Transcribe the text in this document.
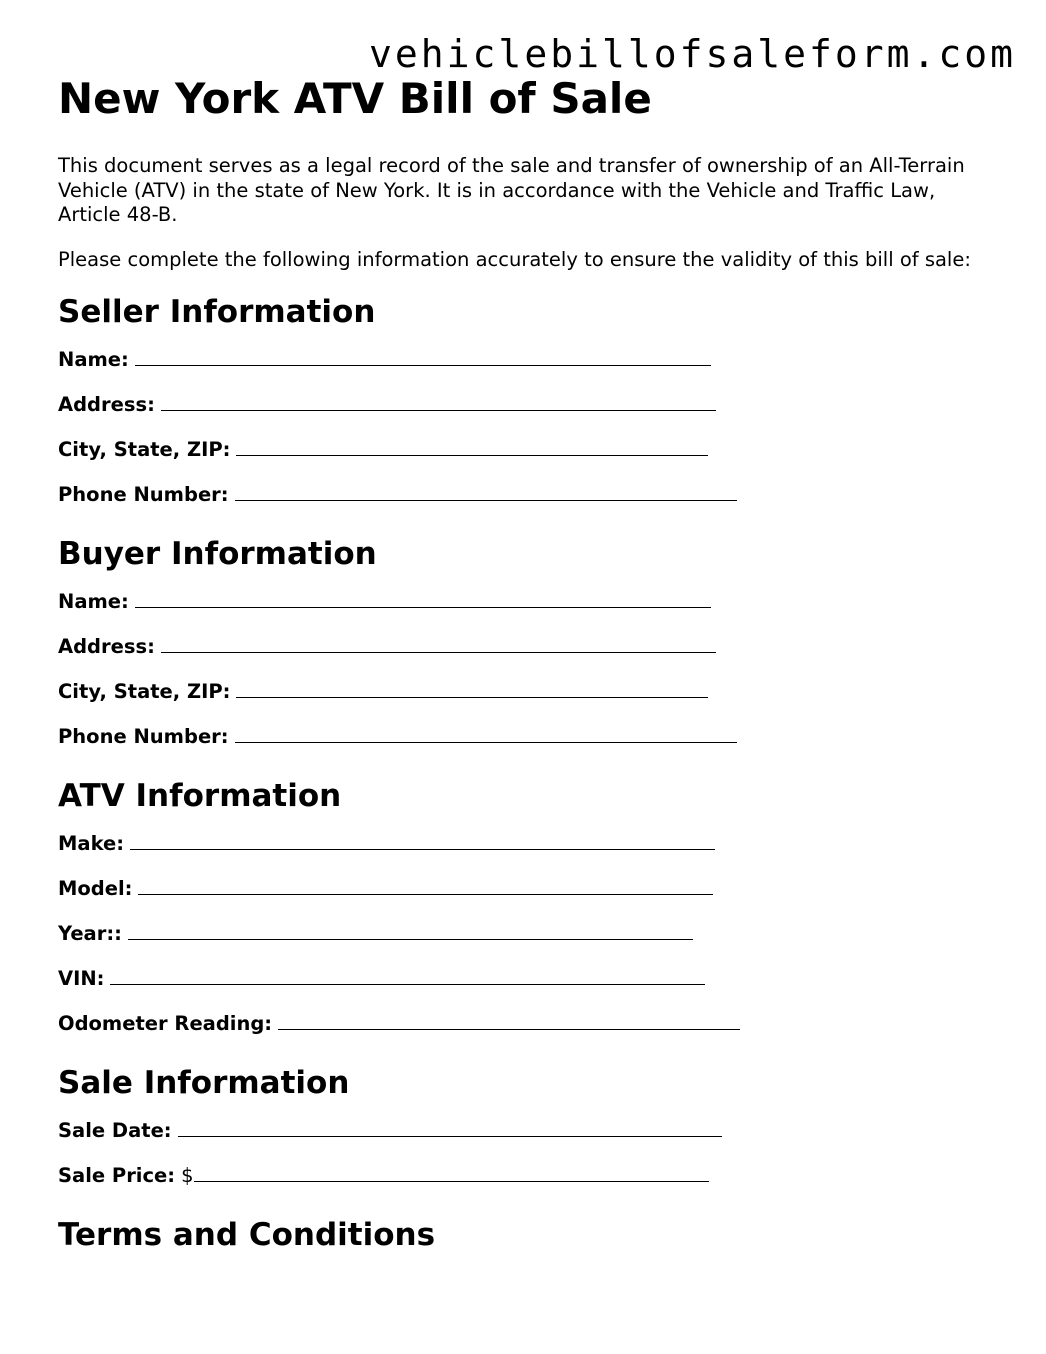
vehiclebillofsaleform.com
New York ATV Bill of Sale

This document serves as a legal record of the sale and transfer of ownership of an All-Terrain Vehicle (ATV) in the state of New York. It is in accordance with the Vehicle and Traffic Law, Article 48-B.

Please complete the following information accurately to ensure the validity of this bill of sale:

Seller Information
Name:
Address:
City, State, ZIP:
Phone Number:
Buyer Information
Name:
Address:
City, State, ZIP:
Phone Number:
ATV Information
Make:
Model:
Year::
VIN:
Odometer Reading:
Sale Information
Sale Date:
Sale Price: $
Terms and Conditions
